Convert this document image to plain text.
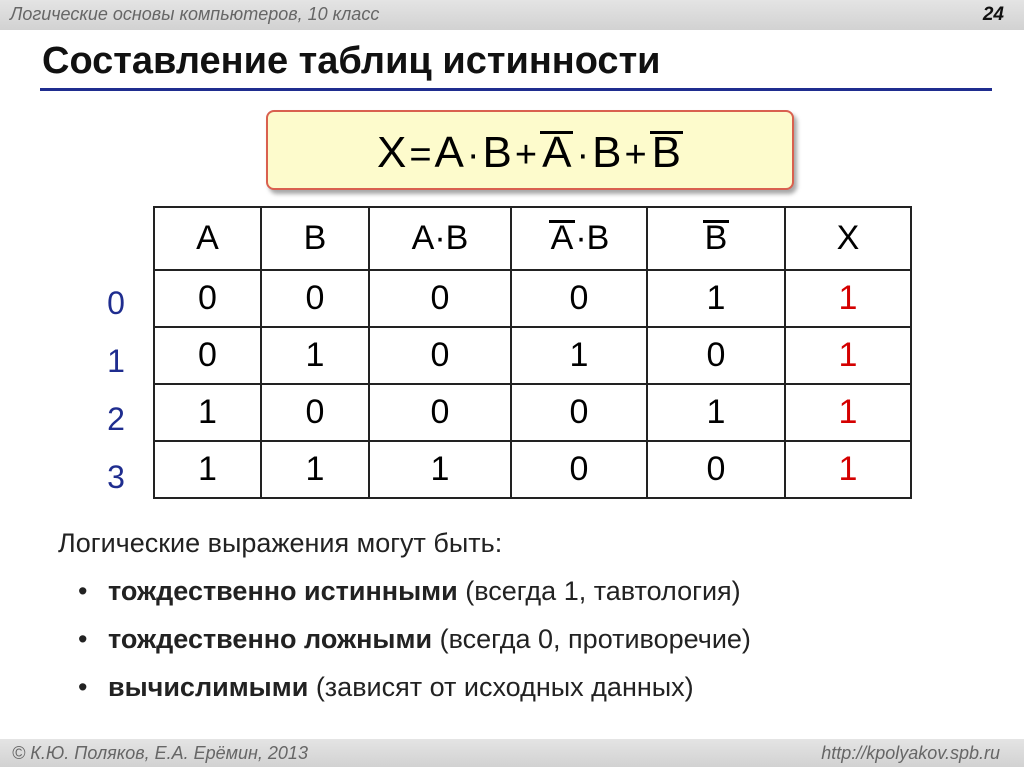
Логические основы компьютеров, 10 класс	24
Составление таблиц истинности
X=A·B+ A ·B+ B
A	B	A·B	A·B	B	X
0	0	0	0	1	1
0	1	0	1	0	1
1	0	0	0	1	1
1	1	1	0	0	1
0
1
2
3
Логические выражения могут быть:
• тождественно истинными (всегда 1, тавтология)
• тождественно ложными (всегда 0, противоречие)
• вычислимыми (зависят от исходных данных)
© К.Ю. Поляков, Е.А. Ерёмин, 2013	http://kpolyakov.spb.ru
